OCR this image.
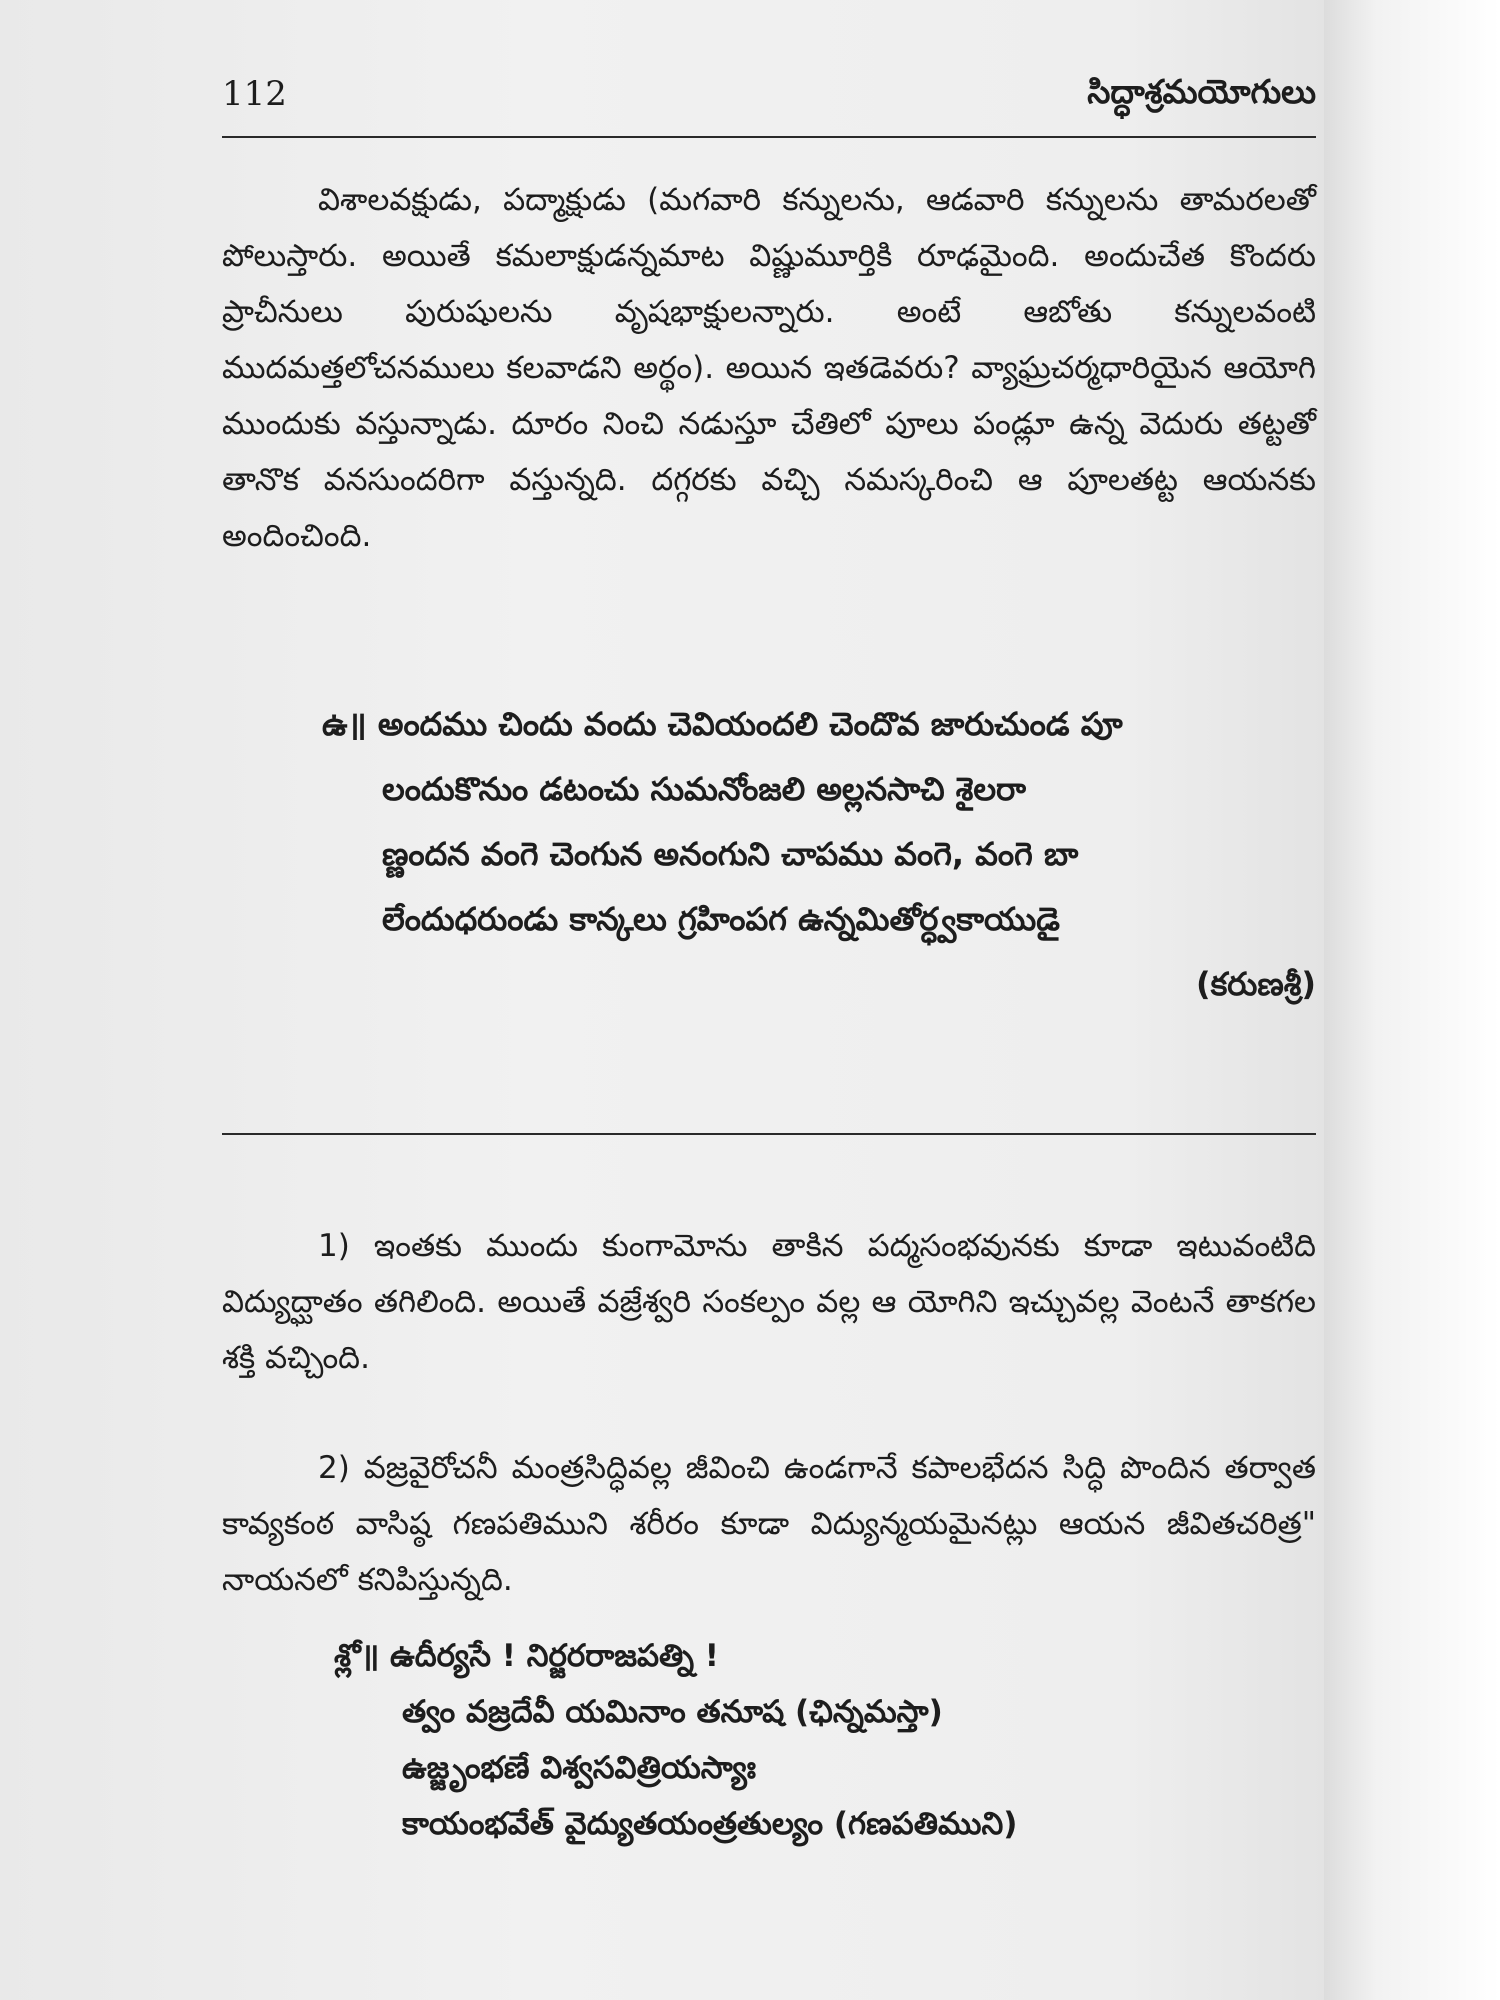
112	సిద్ధాశ్రమయోగులు

విశాలవక్షుడు, పద్మాక్షుడు (మగవారి కన్నులను, ఆడవారి కన్నులను తామరలతో పోలుస్తారు. అయితే కమలాక్షుడన్నమాట విష్ణుమూర్తికి రూఢమైంది. అందుచేత కొందరు ప్రాచీనులు పురుషులను వృషభాక్షులన్నారు. అంటే ఆబోతు కన్నులవంటి ముదమత్తలోచనములు కలవాడని అర్థం). అయిన ఇతడెవరు? వ్యాఘ్రచర్మధారియైన ఆయోగి ముందుకు వస్తున్నాడు. దూరం నించి నడుస్తూ చేతిలో పూలు పండ్లూ ఉన్న వెదురు తట్టతో తానొక వనసుందరిగా వస్తున్నది. దగ్గరకు వచ్చి నమస్కరించి ఆ పూలతట్ట ఆయనకు అందించింది.

ఉ॥ అందము చిందు వందు చెవియందలి చెందొవ జారుచుండ పూ
లందుకొనుం డటంచు సుమనోంజలి అల్లనసాచి శైలరా
ణ్ణందన వంగె చెంగున అనంగుని చాపము వంగె, వంగె బా
లేందుధరుండు కాన్కలు గ్రహింపగ ఉన్నమితోర్ధ్వకాయుడై
(కరుణశ్రీ)

1) ఇంతకు ముందు కుంగామోను తాకిన పద్మసంభవునకు కూడా ఇటువంటిది విద్యుద్ఘాతం తగిలింది. అయితే వజ్రేశ్వరి సంకల్పం వల్ల ఆ యోగిని ఇచ్చువల్ల వెంటనే తాకగల శక్తి వచ్చింది.

2) వజ్రవైరోచనీ మంత్రసిద్ధివల్ల జీవించి ఉండగానే కపాలభేదన సిద్ధి పొందిన తర్వాత కావ్యకంఠ వాసిష్ఠ గణపతిముని శరీరం కూడా విద్యున్మయమైనట్లు ఆయన జీవితచరిత్ర" నాయనలో కనిపిస్తున్నది.

శ్లో॥ ఉదీర్యసే ! నిర్జరరాజపత్ని !
త్వం వజ్రదేవీ యమినాం తనూష (ఛిన్నమస్తా)
ఉజ్జృంభణే విశ్వసవిత్రియస్యాః
కాయంభవేత్ వైద్యుతయంత్రతుల్యం (గణపతిముని)
